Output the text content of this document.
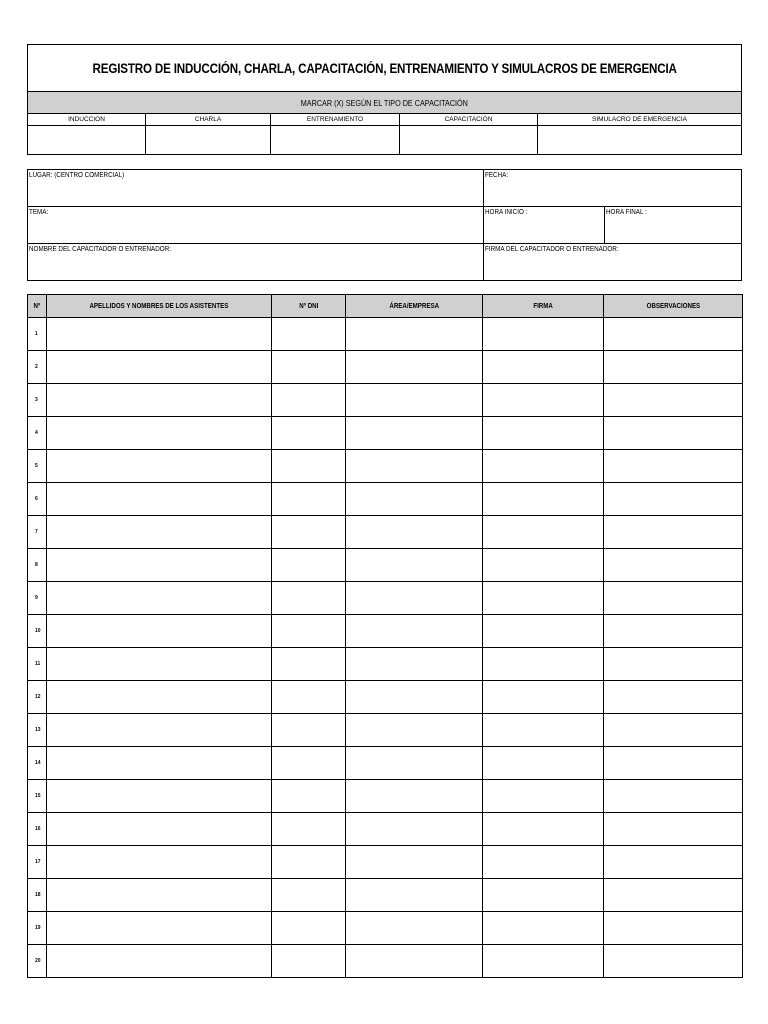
REGISTRO DE INDUCCIÓN, CHARLA, CAPACITACIÓN, ENTRENAMIENTO Y SIMULACROS DE EMERGENCIA
MARCAR (X) SEGÚN EL TIPO DE CAPACITACIÓN
INDUCCION	CHARLA	ENTRENAMIENTO	CAPACITACIÓN	SIMULACRO DE EMERGENCIA
LUGAR: (CENTRO COMERCIAL)	FECHA:
TEMA:	HORA INICIO :	HORA FINAL :
NOMBRE DEL CAPACITADOR O ENTRENADOR:	FIRMA DEL CAPACITADOR O ENTRENADOR:
Nº	APELLIDOS Y NOMBRES DE LOS ASISTENTES	Nº DNI	ÁREA/EMPRESA	FIRMA	OBSERVACIONES
1					
2					
3					
4					
5					
6					
7					
8					
9					
10					
11					
12					
13					
14					
15					
16					
17					
18					
19					
20					
